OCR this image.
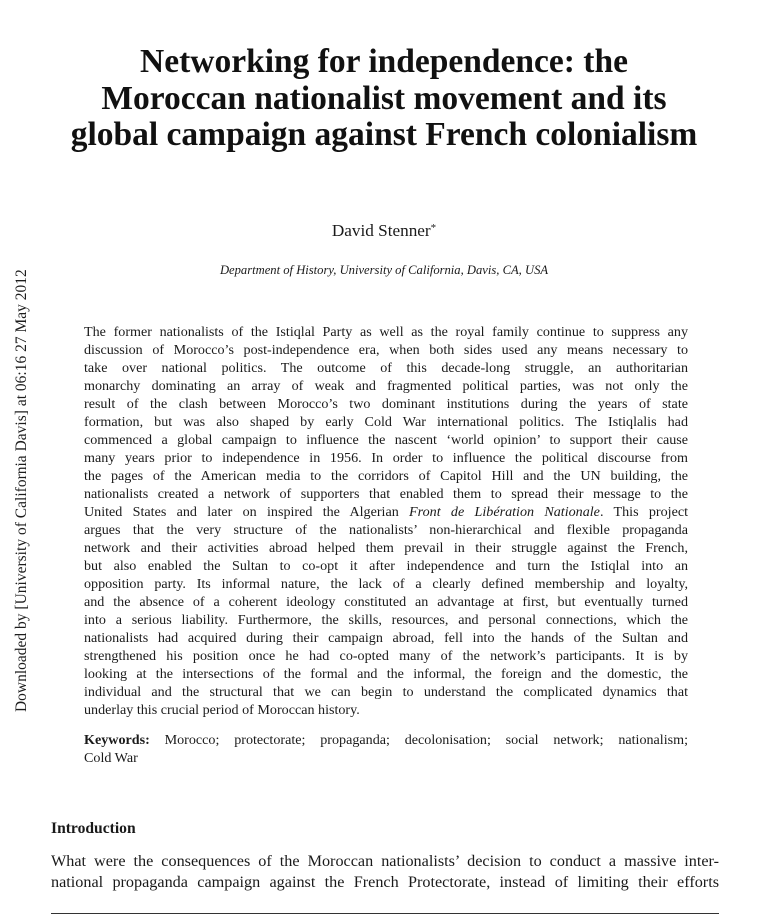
Downloaded by [University of California Davis] at 06:16 27 May 2012
Networking for independence: the
Moroccan nationalist movement and its
global campaign against French colonialism
David Stenner*
Department of History, University of California, Davis, CA, USA
The former nationalists of the Istiqlal Party as well as the royal family continue to suppress any
discussion of Morocco’s post-independence era, when both sides used any means necessary to
take over national politics. The outcome of this decade-long struggle, an authoritarian
monarchy dominating an array of weak and fragmented political parties, was not only the
result of the clash between Morocco’s two dominant institutions during the years of state
formation, but was also shaped by early Cold War international politics. The Istiqlalis had
commenced a global campaign to influence the nascent ‘world opinion’ to support their cause
many years prior to independence in 1956. In order to influence the political discourse from
the pages of the American media to the corridors of Capitol Hill and the UN building, the
nationalists created a network of supporters that enabled them to spread their message to the
United States and later on inspired the Algerian Front de Libération Nationale. This project
argues that the very structure of the nationalists’ non-hierarchical and flexible propaganda
network and their activities abroad helped them prevail in their struggle against the French,
but also enabled the Sultan to co-opt it after independence and turn the Istiqlal into an
opposition party. Its informal nature, the lack of a clearly defined membership and loyalty,
and the absence of a coherent ideology constituted an advantage at first, but eventually turned
into a serious liability. Furthermore, the skills, resources, and personal connections, which the
nationalists had acquired during their campaign abroad, fell into the hands of the Sultan and
strengthened his position once he had co-opted many of the network’s participants. It is by
looking at the intersections of the formal and the informal, the foreign and the domestic, the
individual and the structural that we can begin to understand the complicated dynamics that
underlay this crucial period of Moroccan history.
Keywords: Morocco; protectorate; propaganda; decolonisation; social network; nationalism;
Cold War
Introduction
What were the consequences of the Moroccan nationalists’ decision to conduct a massive inter-
national propaganda campaign against the French Protectorate, instead of limiting their efforts
